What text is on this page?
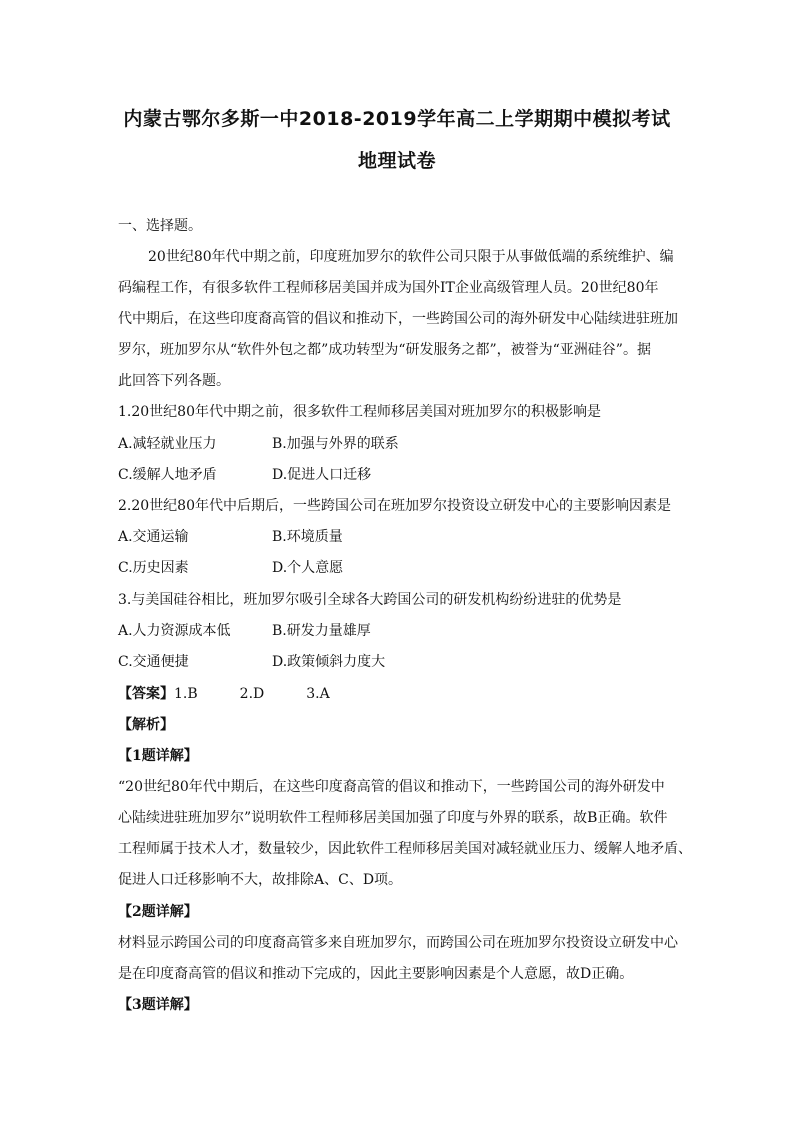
内蒙古鄂尔多斯一中2018-2019学年高二上学期期中模拟考试
地理试卷
一、选择题。
20世纪80年代中期之前，印度班加罗尔的软件公司只限于从事做低端的系统维护、编
码编程工作，有很多软件工程师移居美国并成为国外IT企业高级管理人员。20世纪80年
代中期后，在这些印度裔高管的倡议和推动下，一些跨国公司的海外研发中心陆续进驻班加
罗尔，班加罗尔从“软件外包之都”成功转型为“研发服务之都”，被誉为“亚洲硅谷”。据
此回答下列各题。
1.20世纪80年代中期之前，很多软件工程师移居美国对班加罗尔的积极影响是
A.减轻就业压力	B.加强与外界的联系
C.缓解人地矛盾	D.促进人口迁移
2.20世纪80年代中后期后，一些跨国公司在班加罗尔投资设立研发中心的主要影响因素是
A.交通运输	B.环境质量
C.历史因素	D.个人意愿
3.与美国硅谷相比，班加罗尔吸引全球各大跨国公司的研发机构纷纷进驻的优势是
A.人力资源成本低	B.研发力量雄厚
C.交通便捷	D.政策倾斜力度大
【答案】1.B	2.D	3.A
【解析】
【1题详解】
“20世纪80年代中期后，在这些印度裔高管的倡议和推动下，一些跨国公司的海外研发中
心陆续进驻班加罗尔”说明软件工程师移居美国加强了印度与外界的联系，故B正确。软件
工程师属于技术人才，数量较少，因此软件工程师移居美国对减轻就业压力、缓解人地矛盾、
促进人口迁移影响不大，故排除A、C、D项。
【2题详解】
材料显示跨国公司的印度裔高管多来自班加罗尔，而跨国公司在班加罗尔投资设立研发中心
是在印度裔高管的倡议和推动下完成的，因此主要影响因素是个人意愿，故D正确。
【3题详解】
